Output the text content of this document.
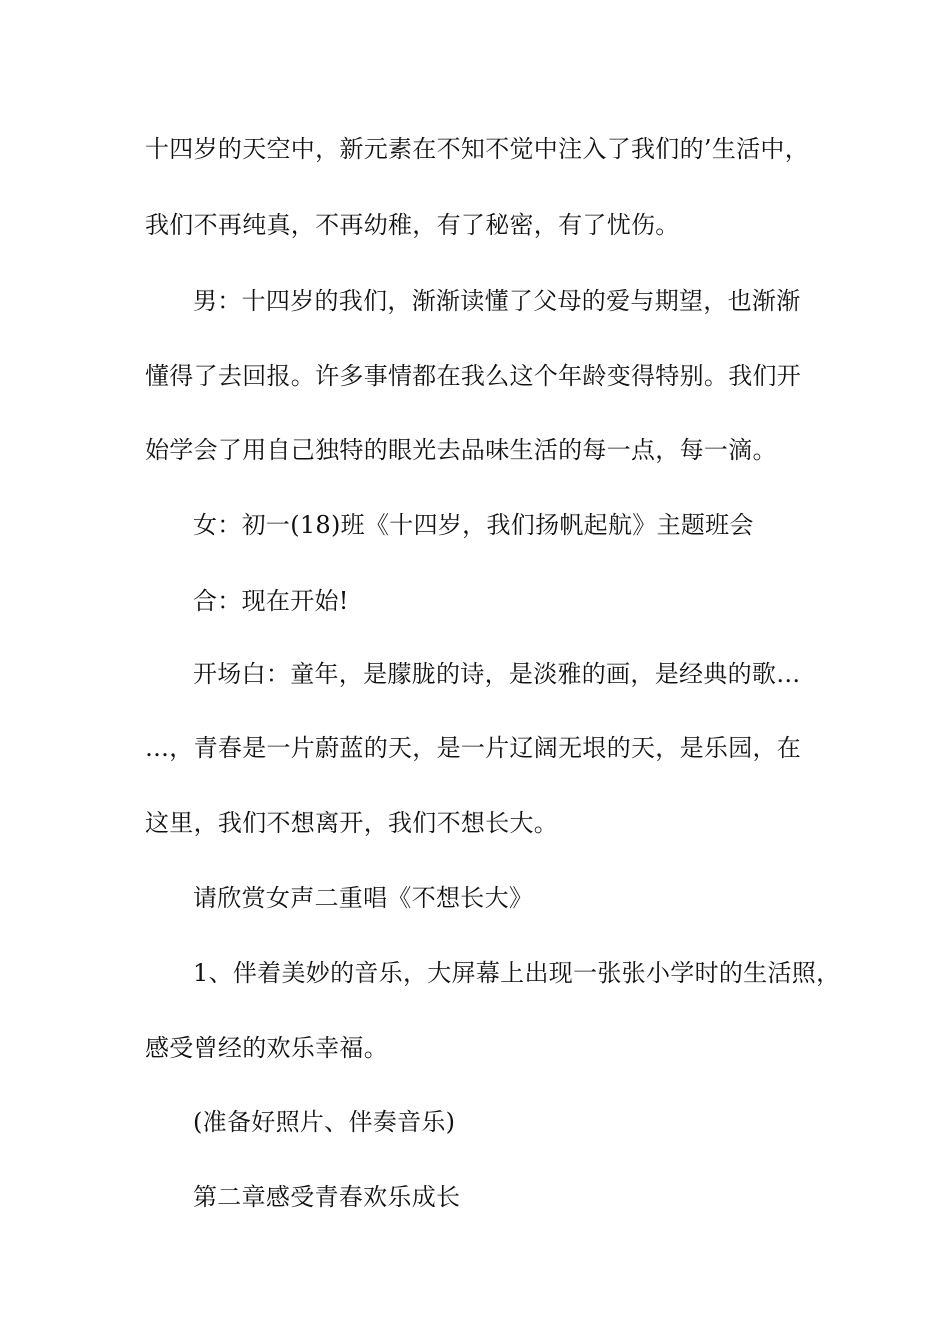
十四岁的天空中，新元素在不知不觉中注入了我们的’生活中，
我们不再纯真，不再幼稚，有了秘密，有了忧伤。
男：十四岁的我们，渐渐读懂了父母的爱与期望，也渐渐
懂得了去回报。许多事情都在我么这个年龄变得特别。我们开
始学会了用自己独特的眼光去品味生活的每一点，每一滴。
女：初一(18)班《十四岁，我们扬帆起航》主题班会
合：现在开始!
开场白：童年，是朦胧的诗，是淡雅的画，是经典的歌…
…，青春是一片蔚蓝的天，是一片辽阔无垠的天，是乐园，在
这里，我们不想离开，我们不想长大。
请欣赏女声二重唱《不想长大》
1、伴着美妙的音乐，大屏幕上出现一张张小学时的生活照，
感受曾经的欢乐幸福。
(准备好照片、伴奏音乐)
第二章感受青春欢乐成长
